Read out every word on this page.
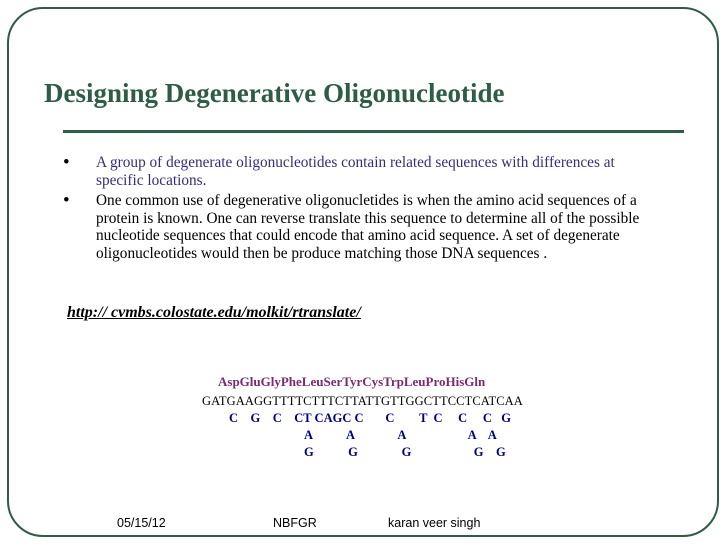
Designing Degenerative Oligonucleotide
• A group of degenerate oligonucleotides contain related sequences with differences at specific locations.
• One common use of degenerative oligonucletides is when the amino acid sequences of a protein is known. One can reverse translate this sequence to determine all of the possible nucleotide sequences that could encode that amino acid sequence. A set of degenerate oligonucleotides would then be produce matching those DNA sequences .
http:// cvmbs.colostate.edu/molkit/rtranslate/
AspGluGlyPheLeuSerTyrCysTrpLeuProHisGln
GATGAAGGTTTTCTTTCTTATTGTTGGCTTCCTCATCAA
C    G    C    CT CAGC C       C        T  C     C     C   G
A           A              A                    A    A
G           G              G                    G    G
05/15/12	NBFGR	karan veer singh
